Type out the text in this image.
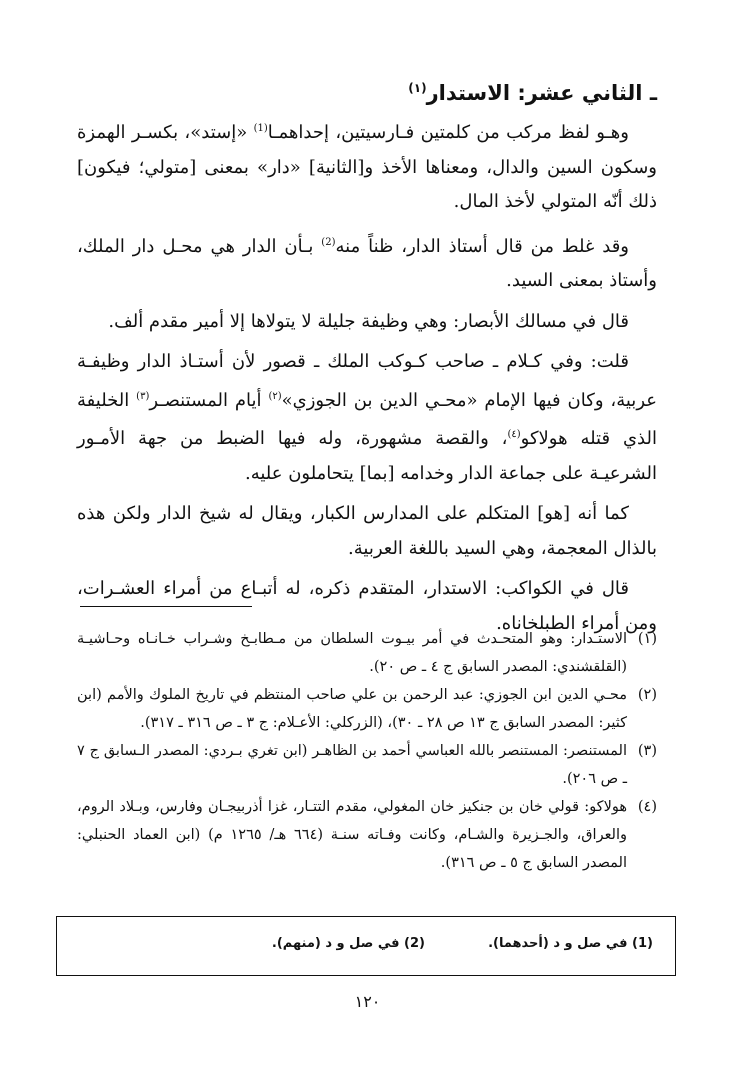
ـ الثاني عشر: الاستدار$^{(١)}$

وهـو لفظ مركب من كلمتين فـارسيتين، إحداهمـا$^{(1)}$ «إستد»، بكسـر الهمزة وسكون السين والدال، ومعناها الأخذ و[الثانية] «دار» بمعنى [متولي؛ فيكون] ذلك أنّه المتولي لأخذ المال.

وقد غلط من قال أستاذ الدار، ظناً منه$^{(2)}$ بـأن الدار هي محـل دار الملك، وأستاذ بمعنى السيد.

قال في مسالك الأبصار: وهي وظيفة جليلة لا يتولاها إلا أمير مقدم ألف.

قلت: وفي كـلام ـ صاحب كـوكب الملك ـ قصور لأن أستـاذ الدار وظيفـة عربية، وكان فيها الإمام «محـي الدين بن الجوزي»$^{(٢)}$ أيام المستنصـر$^{(٣)}$ الخليفة الذي قتله هولاكو$^{(٤)}$، والقصة مشهورة، وله فيها الضبط من جهة الأمـور الشرعيـة على جماعة الدار وخدامه [بما] يتحاملون عليه.

كما أنه [هو] المتكلم على المدارس الكبار، ويقال له شيخ الدار ولكن هذه بالذال المعجمة، وهي السيد باللغة العربية.

قال في الكواكب: الاستدار، المتقدم ذكره، له أتبـاع من أمراء العشـرات، ومن أمراء الطبلخاناه.

(١)
الاستـدار: وهو المتحـدث في أمر بيـوت السلطان من مـطابـخ وشـراب خـانـاه وحـاشيـة (القلقشندي: المصدر السابق ج ٤ ـ ص ٢٠).
(٢)
محـي الدين ابن الجوزي: عبد الرحمن بن علي صاحب المنتظم في تاريخ الملوك والأمم (ابن كثير: المصدر السابق ج ١٣ ص ٢٨ ـ ٣٠)، (الزركلي: الأعـلام: ج ٣ ـ ص ٣١٦ ـ ٣١٧).
(٣)
المستنصر: المستنصر بالله العباسي أحمد بن الظاهـر (ابن تغري بـردي: المصدر الـسابق ج ٧ ـ ص ٢٠٦).
(٤)
هولاكو: قولي خان بن جنكيز خان المغولي، مقدم التتـار، غزا أذربيجـان وفارس، وبـلاد الروم، والعراق، والجـزيرة والشـام، وكانت وفـاته سنـة (٦٦٤ هـ/ ١٢٦٥ م) (ابن العماد الحنبلي: المصدر السابق ج ٥ ـ ص ٣١٦).
(1) في صل و د (أحدهما).
(2) في صل و د (منهم).
١٢٠
